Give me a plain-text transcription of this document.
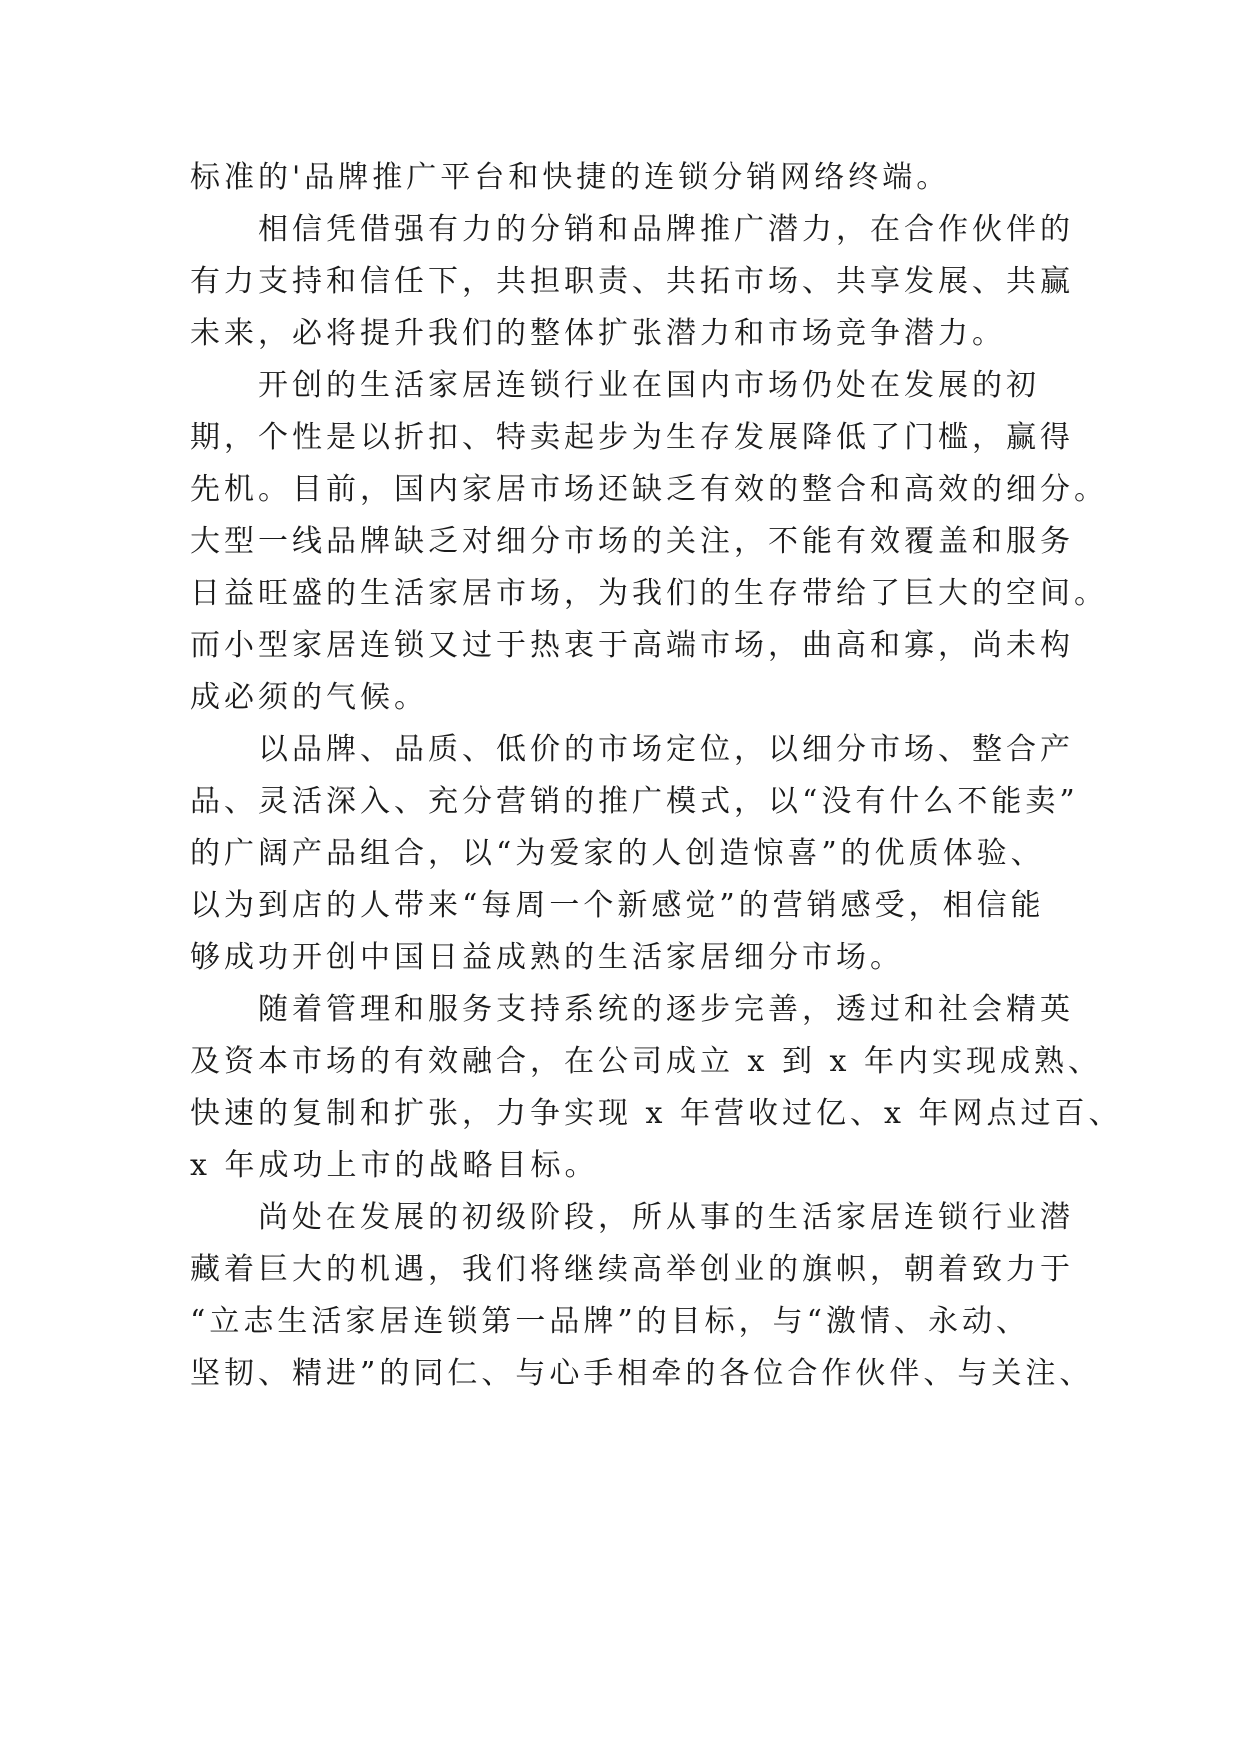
标准的'品牌推广平台和快捷的连锁分销网络终端。
　　相信凭借强有力的分销和品牌推广潜力，在合作伙伴的
有力支持和信任下，共担职责、共拓市场、共享发展、共赢
未来，必将提升我们的整体扩张潜力和市场竞争潜力。
　　开创的生活家居连锁行业在国内市场仍处在发展的初
期，个性是以折扣、特卖起步为生存发展降低了门槛，赢得
先机。目前，国内家居市场还缺乏有效的整合和高效的细分。
大型一线品牌缺乏对细分市场的关注，不能有效覆盖和服务
日益旺盛的生活家居市场，为我们的生存带给了巨大的空间。
而小型家居连锁又过于热衷于高端市场，曲高和寡，尚未构
成必须的气候。
　　以品牌、品质、低价的市场定位，以细分市场、整合产
品、灵活深入、充分营销的推广模式，以“没有什么不能卖”
的广阔产品组合，以“为爱家的人创造惊喜”的优质体验、
以为到店的人带来“每周一个新感觉”的营销感受，相信能
够成功开创中国日益成熟的生活家居细分市场。
　　随着管理和服务支持系统的逐步完善，透过和社会精英
及资本市场的有效融合，在公司成立 x 到 x 年内实现成熟、
快速的复制和扩张，力争实现 x 年营收过亿、x 年网点过百、
x 年成功上市的战略目标。
　　尚处在发展的初级阶段，所从事的生活家居连锁行业潜
藏着巨大的机遇，我们将继续高举创业的旗帜，朝着致力于
“立志生活家居连锁第一品牌”的目标，与“激情、永动、
坚韧、精进”的同仁、与心手相牵的各位合作伙伴、与关注、
